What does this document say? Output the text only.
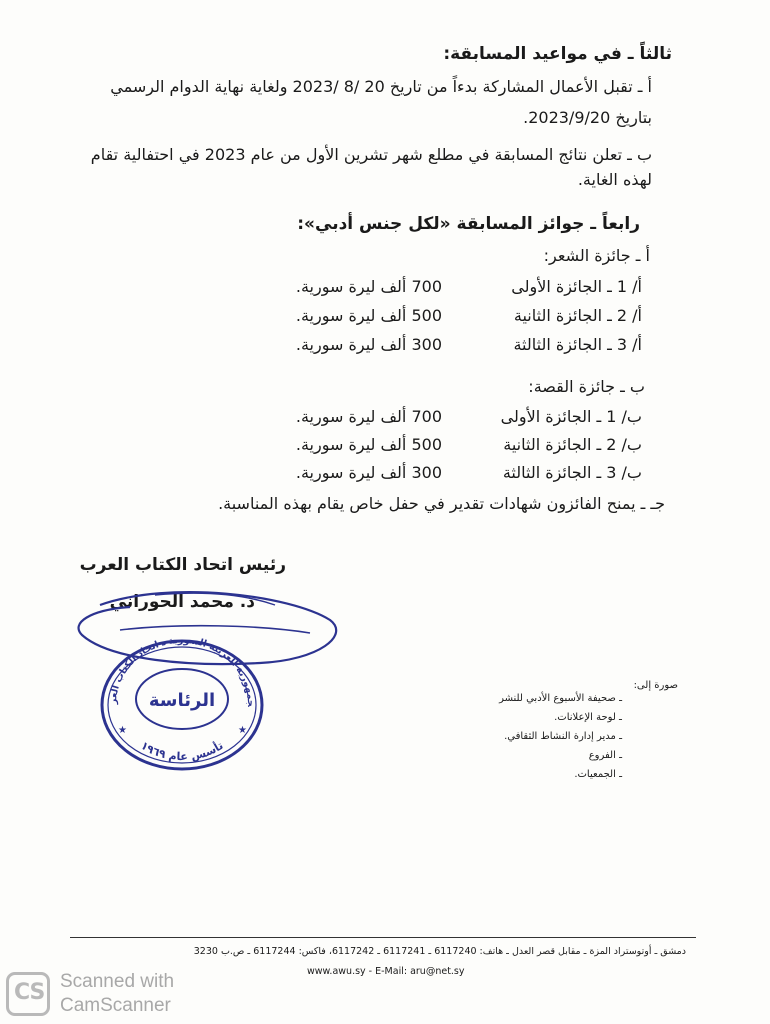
ثالثاً ـ في مواعيد المسابقة:
أ ـ تقبل الأعمال المشاركة بدءاً من تاريخ 20 /8 /2023 ولغاية نهاية الدوام الرسمي
بتاريخ 2023/9/20.
ب ـ تعلن نتائج المسابقة في مطلع شهر تشرين الأول من عام 2023 في احتفالية تقام
لهذه الغاية.
رابعاً ـ جوائز المسابقة «لكل جنس أدبي»:
أ ـ جائزة الشعر:
أ/ 1 ـ الجائزة الأولى
700 ألف ليرة سورية.
أ/ 2 ـ الجائزة الثانية
500 ألف ليرة سورية.
أ/ 3 ـ الجائزة الثالثة
300 ألف ليرة سورية.
ب ـ جائزة القصة:
ب/ 1 ـ الجائزة الأولى
700 ألف ليرة سورية.
ب/ 2 ـ الجائزة الثانية
500 ألف ليرة سورية.
ب/ 3 ـ الجائزة الثالثة
300 ألف ليرة سورية.
جـ ـ يمنح الفائزون شهادات تقدير في حفل خاص يقام بهذه المناسبة.
رئيس اتحاد الكتاب العرب
د. محمد الحوراني
جمهورية العربية السورية ـ اتحاد الكتاب العر
تأسس عام ١٩٦٩
الرئاسة
★	★
صورة إلى:
ـ صحيفة الأسبوع الأدبي للنشر
ـ لوحة الإعلانات.
ـ مدير إدارة النشاط الثقافي.
ـ الفروع
ـ الجمعيات.
دمشق ـ أوتوستراد المزة ـ مقابل قصر العدل ـ هاتف: 6117240 ـ 6117241 ـ 6117242، فاكس: 6117244 ـ ص.ب 3230
www.awu.sy - E-Mail: aru@net.sy
CS Scanned with
CamScanner
